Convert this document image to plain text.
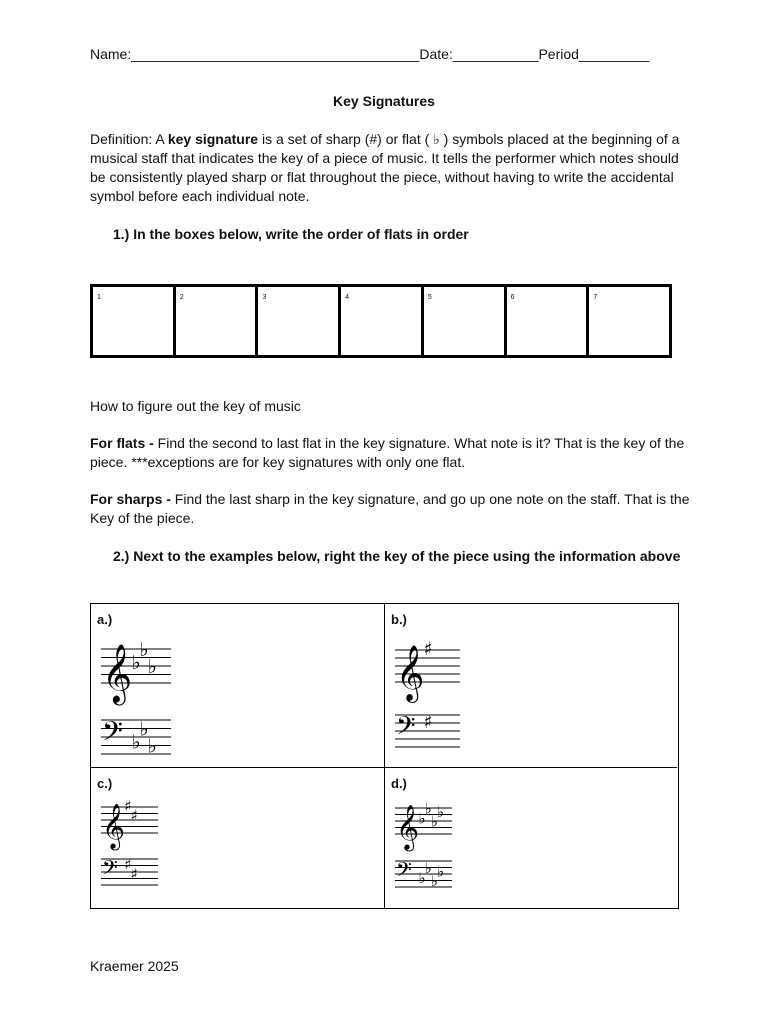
Name:_____________________________________Date:___________Period_________
Key Signatures
Definition: A key signature is a set of sharp (#) or flat ( ♭ ) symbols placed at the beginning of a musical staff that indicates the key of a piece of music. It tells the performer which notes should be consistently played sharp or flat throughout the piece, without having to write the accidental symbol before each individual note.
1.) In the boxes below, write the order of flats in order
1	2	3	4	5	6	7
How to figure out the key of music
For flats - Find the second to last flat in the key signature. What note is it? That is the key of the piece. ***exceptions are for key signatures with only one flat.
For sharps - Find the last sharp in the key signature, and go up one note on the staff. That is the Key of the piece.
2.) Next to the examples below, right the key of the piece using the information above
a.)
𝄞 ♭
♭
♭
𝄢 ♭
♭
♭
b.)
𝄞 ♯
𝄢 ♯
c.)
𝄞 ♯
♯
𝄢 ♯
♯
d.)
𝄞 ♭
♭
♭
♭
𝄢 ♭
♭
♭
♭
Kraemer 2025
